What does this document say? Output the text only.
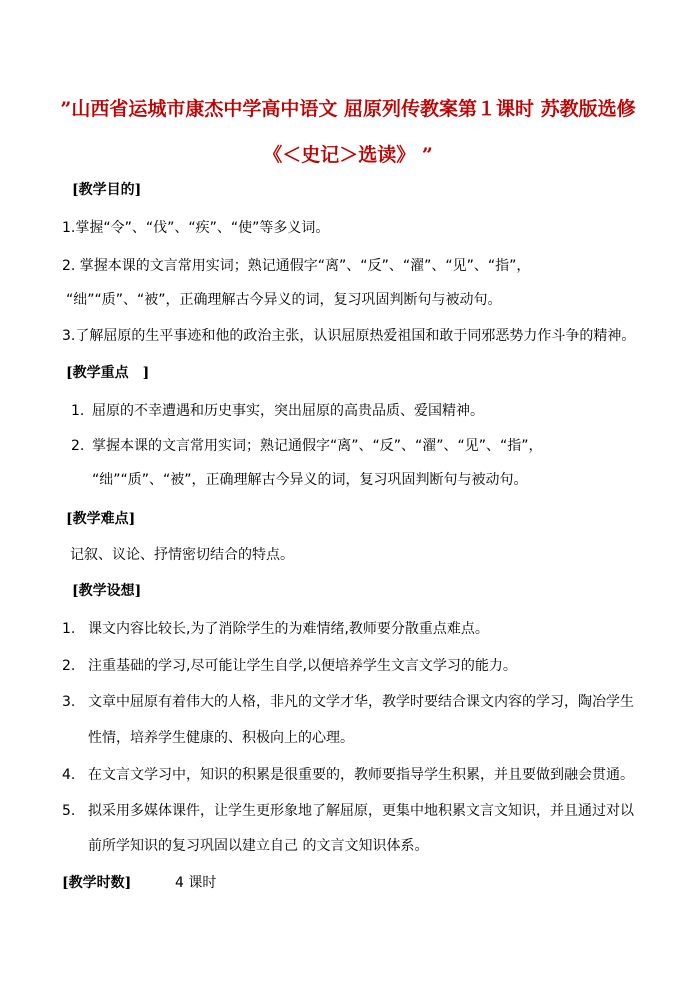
”山西省运城市康杰中学高中语文 屈原列传教案第１课时 苏教版选修
《＜史记＞选读》 ”
[教学目的]
1.掌握“令”、“伐”、“疾”、“使”等多义词。
2. 掌握本课的文言常用实词；熟记通假字“离”、“反”、“濯”、“见”、“指”，
“绌”“质”、“被”，正确理解古今异义的词，复习巩固判断句与被动句。
3.了解屈原的生平事迹和他的政治主张，认识屈原热爱祖国和敢于同邪恶势力作斗争的精神。
[教学重点　]
1. 屈原的不幸遭遇和历史事实，突出屈原的高贵品质、爱国精神。
2. 掌握本课的文言常用实词；熟记通假字“离”、“反”、“濯”、“见”、“指”，
“绌”“质”、“被”，正确理解古今异义的词，复习巩固判断句与被动句。
[教学难点]
记叙、议论、抒情密切结合的特点。
[教学设想]
1. 课文内容比较长,为了消除学生的为难情绪,教师要分散重点难点。
2. 注重基础的学习,尽可能让学生自学,以便培养学生文言文学习的能力。
3. 文章中屈原有着伟大的人格，非凡的文学才华，教学时要结合课文内容的学习，陶冶学生
性情，培养学生健康的、积极向上的心理。
4. 在文言文学习中，知识的积累是很重要的，教师要指导学生积累，并且要做到融会贯通。
5. 拟采用多媒体课件，让学生更形象地了解屈原，更集中地积累文言文知识，并且通过对以
前所学知识的复习巩固以建立自己 的文言文知识体系。
[教学时数]	4 课时
